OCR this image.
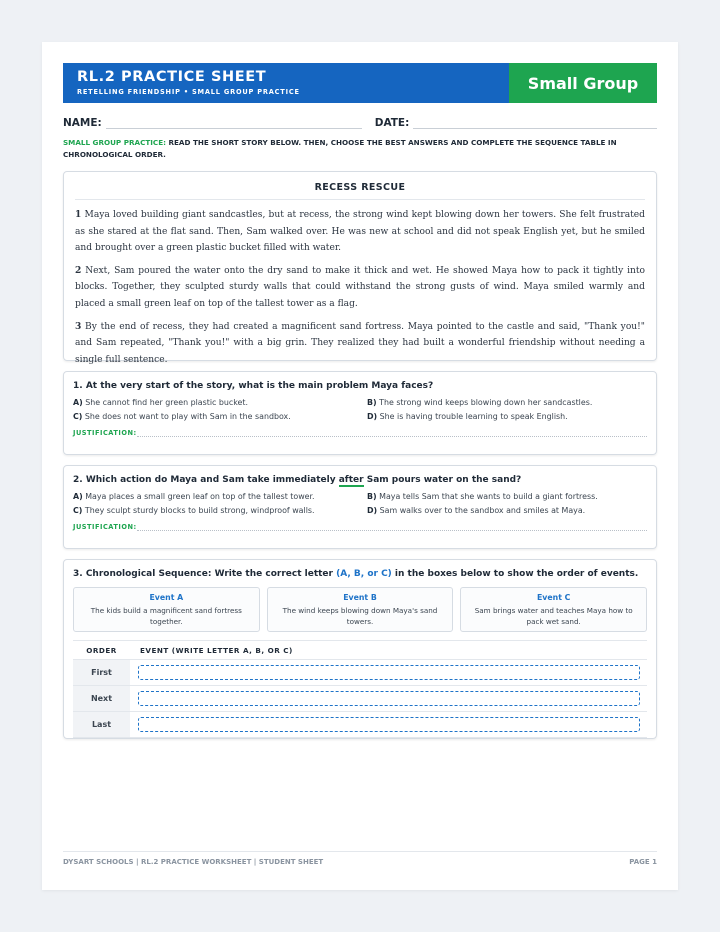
RL.2 PRACTICE SHEET
RETELLING FRIENDSHIP • SMALL GROUP PRACTICE	Small Group
NAME:	DATE:
SMALL GROUP PRACTICE: READ THE SHORT STORY BELOW. THEN, CHOOSE THE BEST ANSWERS AND COMPLETE THE SEQUENCE TABLE IN CHRONOLOGICAL ORDER.
RECESS RESCUE

1 Maya loved building giant sandcastles, but at recess, the strong wind kept blowing down her towers. She felt frustrated as she stared at the flat sand. Then, Sam walked over. He was new at school and did not speak English yet, but he smiled and brought over a green plastic bucket filled with water.

2 Next, Sam poured the water onto the dry sand to make it thick and wet. He showed Maya how to pack it tightly into blocks. Together, they sculpted sturdy walls that could withstand the strong gusts of wind. Maya smiled warmly and placed a small green leaf on top of the tallest tower as a flag.

3 By the end of recess, they had created a magnificent sand fortress. Maya pointed to the castle and said, "Thank you!" and Sam repeated, "Thank you!" with a big grin. They realized they had built a wonderful friendship without needing a single full sentence.

1. At the very start of the story, what is the main problem Maya faces?
A) She cannot find her green plastic bucket.	B) The strong wind keeps blowing down her sandcastles.
C) She does not want to play with Sam in the sandbox.	D) She is having trouble learning to speak English.
JUSTIFICATION:
2. Which action do Maya and Sam take immediately after Sam pours water on the sand?
A) Maya places a small green leaf on top of the tallest tower.	B) Maya tells Sam that she wants to build a giant fortress.
C) They sculpt sturdy blocks to build strong, windproof walls.	D) Sam walks over to the sandbox and smiles at Maya.
JUSTIFICATION:
3. Chronological Sequence: Write the correct letter (A, B, or C) in the boxes below to show the order of events.
Event A
The kids build a magnificent sand fortress together.
Event B
The wind keeps blowing down Maya's sand towers.
Event C
Sam brings water and teaches Maya how to pack wet sand.
ORDER	EVENT (WRITE LETTER A, B, OR C)
First	

Next	

Last	
DYSART SCHOOLS | RL.2 PRACTICE WORKSHEET | STUDENT SHEET	PAGE 1
